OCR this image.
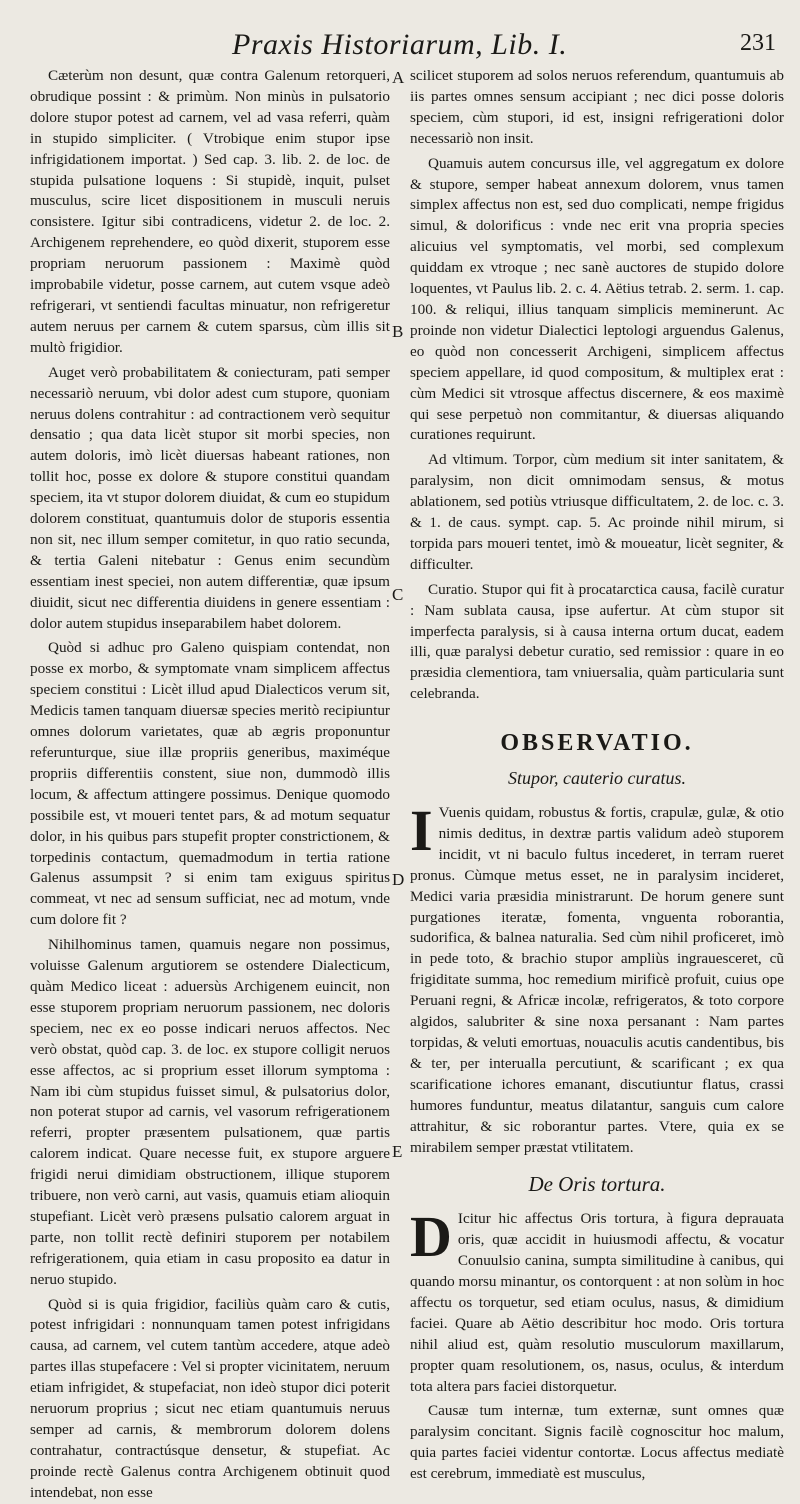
Praxis Historiarum, Lib. I.	231

Cæterùm non desunt, quæ contra Galenum retorqueri, obrudique possint : & primùm. Non minùs in pulsatorio dolore stupor potest ad carnem, vel ad vasa referri, quàm in stupido simpliciter. ( Vtrobique enim stupor ipse infrigidationem importat. ) Sed cap. 3. lib. 2. de loc. de stupida pulsatione loquens : Si stupidè, inquit, pulset musculus, scire licet dispositionem in musculi neruis consistere. Igitur sibi contradicens, videtur 2. de loc. 2. Archigenem reprehendere, eo quòd dixerit, stuporem esse propriam neruorum passionem : Maximè quòd improbabile videtur, posse carnem, aut cutem vsque adeò refrigerari, vt sentiendi facultas minuatur, non refrigeretur autem neruus per carnem & cutem sparsus, cùm illis sit multò frigidior.

Auget verò probabilitatem & coniecturam, pati semper necessariò neruum, vbi dolor adest cum stupore, quoniam neruus dolens contrahitur : ad contractionem verò sequitur densatio ; qua data licèt stupor sit morbi species, non autem doloris, imò licèt diuersas habeant rationes, non tollit hoc, posse ex dolore & stupore constitui quandam speciem, ita vt stupor dolorem diuidat, & cum eo stupidum dolorem constituat, quantumuis dolor de stuporis essentia non sit, nec illum semper comitetur, in quo ratio secunda, & tertia Galeni nitebatur : Genus enim secundùm essentiam inest speciei, non autem differentiæ, quæ ipsum diuidit, sicut nec differentia diuidens in genere essentiam : dolor autem stupidus inseparabilem habet dolorem.

Quòd si adhuc pro Galeno quispiam contendat, non posse ex morbo, & symptomate vnam simplicem affectus speciem constitui : Licèt illud apud Dialecticos verum sit, Medicis tamen tanquam diuersæ species meritò recipiuntur omnes dolorum varietates, quæ ab ægris proponuntur referunturque, siue illæ propriis generibus, maximéque propriis differentiis constent, siue non, dummodò illis locum, & affectum attingere possimus. Denique quomodo possibile est, vt moueri tentet pars, & ad motum sequatur dolor, in his quibus pars stupefit propter constrictionem, & torpedinis contactum, quemadmodum in tertia ratione Galenus assumpsit ? si enim tam exiguus spiritus commeat, vt nec ad sensum sufficiat, nec ad motum, vnde cum dolore fit ?

Nihilhominus tamen, quamuis negare non possimus, voluisse Galenum argutiorem se ostendere Dialecticum, quàm Medico liceat : aduersùs Archigenem euincit, non esse stuporem propriam neruorum passionem, nec doloris speciem, nec ex eo posse indicari neruos affectos. Nec verò obstat, quòd cap. 3. de loc. ex stupore colligit neruos esse affectos, ac si proprium esset illorum symptoma : Nam ibi cùm stupidus fuisset simul, & pulsatorius dolor, non poterat stupor ad carnis, vel vasorum refrigerationem referri, propter præsentem pulsationem, quæ partis calorem indicat. Quare necesse fuit, ex stupore arguere frigidi nerui dimidiam obstructionem, illique stuporem tribuere, non verò carni, aut vasis, quamuis etiam alioquin stupefiant. Licèt verò præsens pulsatio calorem arguat in parte, non tollit rectè definiri stuporem per notabilem refrigerationem, quia etiam in casu proposito ea datur in neruo stupido.

Quòd si is quia frigidior, faciliùs quàm caro & cutis, potest infrigidari : nonnunquam tamen potest infrigidans causa, ad carnem, vel cutem tantùm accedere, atque adeò partes illas stupefacere : Vel si propter vicinitatem, neruum etiam infrigidet, & stupefaciat, non ideò stupor dici poterit neruorum proprius ; sicut nec etiam quantumuis neruus semper ad carnis, & membrorum dolorem dolens contrahatur, contractúsque densetur, & stupefiat. Ac proinde rectè Galenus contra Archigenem obtinuit quod intendebat, non esse

A
B
C
D
E

scilicet stuporem ad solos neruos referendum, quantumuis ab iis partes omnes sensum accipiant ; nec dici posse doloris speciem, cùm stupori, id est, insigni refrigerationi dolor necessariò non insit.

Quamuis autem concursus ille, vel aggregatum ex dolore & stupore, semper habeat annexum dolorem, vnus tamen simplex affectus non est, sed duo complicati, nempe frigidus simul, & dolorificus : vnde nec erit vna propria species alicuius vel symptomatis, vel morbi, sed complexum quiddam ex vtroque ; nec sanè auctores de stupido dolore loquentes, vt Paulus lib. 2. c. 4. Aëtius tetrab. 2. serm. 1. cap. 100. & reliqui, illius tanquam simplicis meminerunt. Ac proinde non videtur Dialectici leptologi arguendus Galenus, eo quòd non concesserit Archigeni, simplicem affectus speciem appellare, id quod compositum, & multiplex erat : cùm Medici sit vtrosque affectus discernere, & eos maximè qui sese perpetuò non commitantur, & diuersas aliquando curationes requirunt.

Ad vltimum. Torpor, cùm medium sit inter sanitatem, & paralysim, non dicit omnimodam sensus, & motus ablationem, sed potiùs vtriusque difficultatem, 2. de loc. c. 3. & 1. de caus. sympt. cap. 5. Ac proinde nihil mirum, si torpida pars moueri tentet, imò & moueatur, licèt segniter, & difficulter.

Curatio. Stupor qui fit à procatarctica causa, facilè curatur : Nam sublata causa, ipse aufertur. At cùm stupor sit imperfecta paralysis, si à causa interna ortum ducat, eadem illi, quæ paralysi debetur curatio, sed remissior : quare in eo præsidia clementiora, tam vniuersalia, quàm particularia sunt celebranda.

OBSERVATIO.
Stupor, cauterio curatus.

I Vuenis quidam, robustus & fortis, crapulæ, gulæ, & otio nimis deditus, in dextræ partis validum adeò stuporem incidit, vt ni baculo fultus incederet, in terram rueret pronus. Cùmque metus esset, ne in paralysim incideret, Medici varia præsidia ministrarunt. De horum genere sunt purgationes iteratæ, fomenta, vnguenta roborantia, sudorifica, & balnea naturalia. Sed cùm nihil proficeret, imò in pede toto, & brachio stupor ampliùs ingrauesceret, cũ frigiditate summa, hoc remedium mirificè profuit, cuius ope Peruani regni, & Africæ incolæ, refrigeratos, & toto corpore algidos, salubriter & sine noxa persanant : Nam partes torpidas, & veluti emortuas, nouaculis acutis candentibus, bis & ter, per interualla percutiunt, & scarificant ; ex qua scarificatione ichores emanant, discutiuntur flatus, crassi humores funduntur, meatus dilatantur, sanguis cum calore attrahitur, & sic roborantur partes. Vtere, quia ex se mirabilem semper præstat vtilitatem.

De Oris tortura.

D Icitur hic affectus Oris tortura, à figura deprauata oris, quæ accidit in huiusmodi affectu, & vocatur Conuulsio canina, sumpta similitudine à canibus, qui quando morsu minantur, os contorquent : at non solùm in hoc affectu os torquetur, sed etiam oculus, nasus, & dimidium faciei. Quare ab Aëtio describitur hoc modo. Oris tortura nihil aliud est, quàm resolutio musculorum maxillarum, propter quam resolutionem, os, nasus, oculus, & interdum tota altera pars faciei distorquetur.

Causæ tum internæ, tum externæ, sunt omnes quæ paralysim concitant. Signis facilè cognoscitur hoc malum, quia partes faciei videntur contortæ. Locus affectus mediatè est cerebrum, immediatè est musculus,
